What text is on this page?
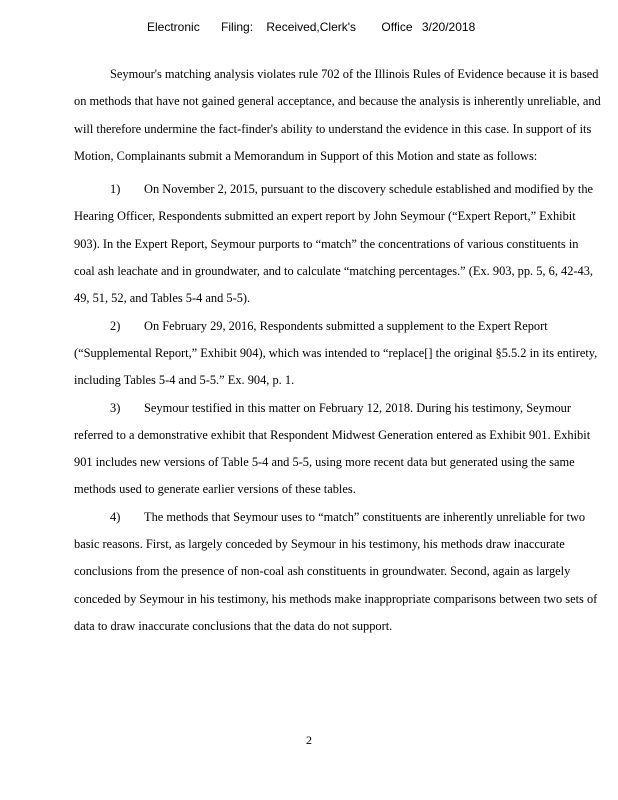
Electronic Filing: Received,Clerk's Office 3/20/2018

Seymour's matching analysis violates rule 702 of the Illinois Rules of Evidence because it is based on methods that have not gained general acceptance, and because the analysis is inherently unreliable, and will therefore undermine the fact-finder's ability to understand the evidence in this case. In support of its Motion, Complainants submit a Memorandum in Support of this Motion and state as follows:

1) On November 2, 2015, pursuant to the discovery schedule established and modified by the Hearing Officer, Respondents submitted an expert report by John Seymour (“Expert Report,” Exhibit 903). In the Expert Report, Seymour purports to “match” the concentrations of various constituents in coal ash leachate and in groundwater, and to calculate “matching percentages.” (Ex. 903, pp. 5, 6, 42-43, 49, 51, 52, and Tables 5-4 and 5-5).

2) On February 29, 2016, Respondents submitted a supplement to the Expert Report (“Supplemental Report,” Exhibit 904), which was intended to “replace[] the original §5.5.2 in its entirety, including Tables 5-4 and 5-5.” Ex. 904, p. 1.

3) Seymour testified in this matter on February 12, 2018. During his testimony, Seymour referred to a demonstrative exhibit that Respondent Midwest Generation entered as Exhibit 901. Exhibit 901 includes new versions of Table 5-4 and 5-5, using more recent data but generated using the same methods used to generate earlier versions of these tables.

4) The methods that Seymour uses to “match” constituents are inherently unreliable for two basic reasons. First, as largely conceded by Seymour in his testimony, his methods draw inaccurate conclusions from the presence of non-coal ash constituents in groundwater. Second, again as largely conceded by Seymour in his testimony, his methods make inappropriate comparisons between two sets of data to draw inaccurate conclusions that the data do not support.

2
